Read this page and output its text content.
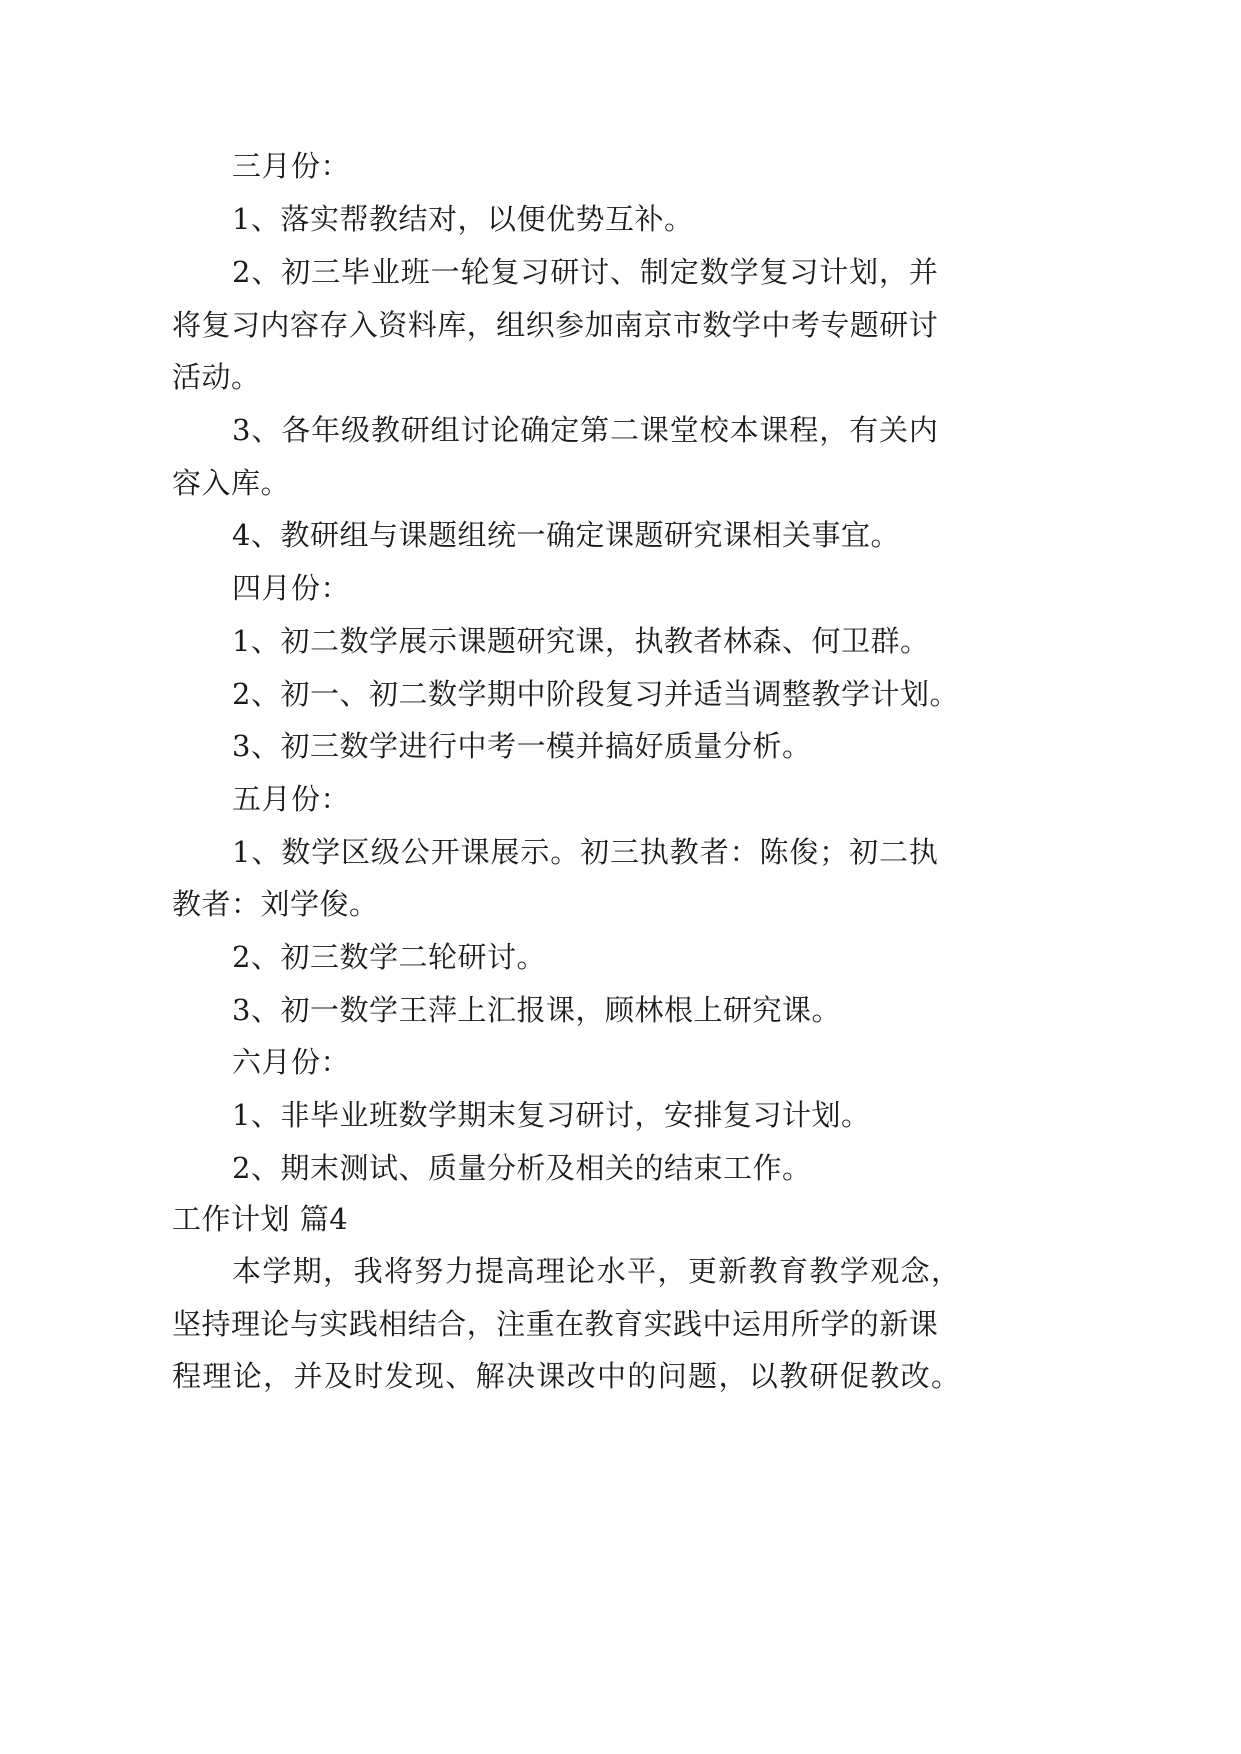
三月份：
1、落实帮教结对，以便优势互补。
2 、 初 三 毕 业 班 一 轮 复 习 研 讨 、 制 定 数 学 复 习 计 划 ， 并
将 复 习 内 容 存 入 资 料 库 ， 组 织 参 加 南 京 市 数 学 中 考 专 题 研 讨
活动。
3 、 各 年 级 教 研 组 讨 论 确 定 第 二 课 堂 校 本 课 程 ， 有 关 内
容入库。
4、教研组与课题组统一确定课题研究课相关事宜。
四月份：
1、初二数学展示课题研究课，执教者林森、何卫群。
2、初一、初二数学期中阶段复习并适当调整教学计划。
3、初三数学进行中考一模并搞好质量分析。
五月份：
1 、 数 学 区 级 公 开 课 展 示 。 初 三 执 教 者 ： 陈 俊 ； 初 二 执
教者：刘学俊。
2、初三数学二轮研讨。
3、初一数学王萍上汇报课，顾林根上研究课。
六月份：
1、非毕业班数学期末复习研讨，安排复习计划。
2、期末测试、质量分析及相关的结束工作。
工作计划 篇4
本 学 期 ， 我 将 努 力 提 高 理 论 水 平 ， 更 新 教 育 教 学 观 念 ，
坚 持 理 论 与 实 践 相 结 合 ， 注 重 在 教 育 实 践 中 运 用 所 学 的 新 课
程 理 论 ， 并 及 时 发 现 、 解 决 课 改 中 的 问 题 ， 以 教 研 促 教 改 。
